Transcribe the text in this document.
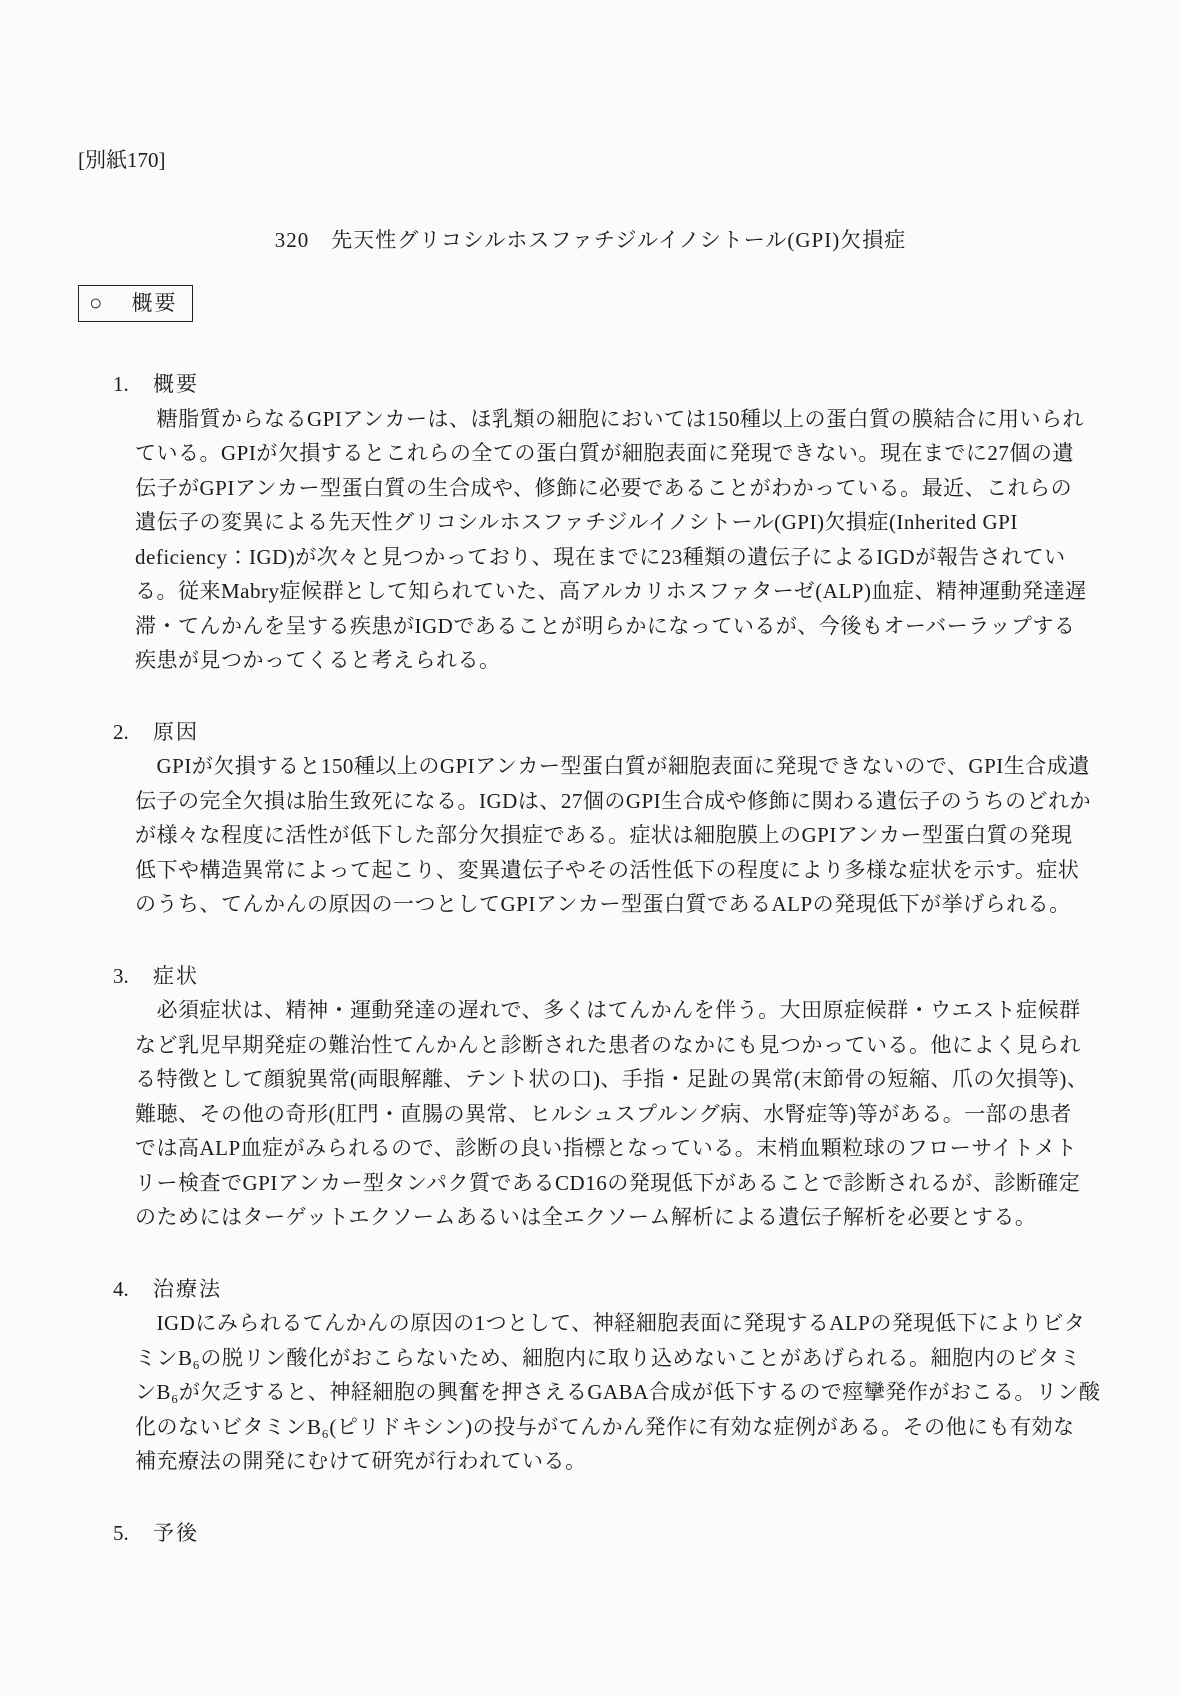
[別紙170]
320　先天性グリコシルホスファチジルイノシトール(GPI)欠損症
○ 概要
1. 概要
　糖脂質からなるGPIアンカーは、ほ乳類の細胞においては150種以上の蛋白質の膜結合に用いられ
ている。GPIが欠損するとこれらの全ての蛋白質が細胞表面に発現できない。現在までに27個の遺
伝子がGPIアンカー型蛋白質の生合成や、修飾に必要であることがわかっている。最近、これらの
遺伝子の変異による先天性グリコシルホスファチジルイノシトール(GPI)欠損症(Inherited GPI
deficiency：IGD)が次々と見つかっており、現在までに23種類の遺伝子によるIGDが報告されてい
る。従来Mabry症候群として知られていた、高アルカリホスファターゼ(ALP)血症、精神運動発達遅
滞・てんかんを呈する疾患がIGDであることが明らかになっているが、今後もオーバーラップする
疾患が見つかってくると考えられる。
2. 原因
　GPIが欠損すると150種以上のGPIアンカー型蛋白質が細胞表面に発現できないので、GPI生合成遺
伝子の完全欠損は胎生致死になる。IGDは、27個のGPI生合成や修飾に関わる遺伝子のうちのどれか
が様々な程度に活性が低下した部分欠損症である。症状は細胞膜上のGPIアンカー型蛋白質の発現
低下や構造異常によって起こり、変異遺伝子やその活性低下の程度により多様な症状を示す。症状
のうち、てんかんの原因の一つとしてGPIアンカー型蛋白質であるALPの発現低下が挙げられる。
3. 症状
　必須症状は、精神・運動発達の遅れで、多くはてんかんを伴う。大田原症候群・ウエスト症候群
など乳児早期発症の難治性てんかんと診断された患者のなかにも見つかっている。他によく見られ
る特徴として顔貌異常(両眼解離、テント状の口)、手指・足趾の異常(末節骨の短縮、爪の欠損等)、
難聴、その他の奇形(肛門・直腸の異常、ヒルシュスプルング病、水腎症等)等がある。一部の患者
では高ALP血症がみられるので、診断の良い指標となっている。末梢血顆粒球のフローサイトメト
リー検査でGPIアンカー型タンパク質であるCD16の発現低下があることで診断されるが、診断確定
のためにはターゲットエクソームあるいは全エクソーム解析による遺伝子解析を必要とする。
4. 治療法
　IGDにみられるてんかんの原因の1つとして、神経細胞表面に発現するALPの発現低下によりビタ
ミンB₆の脱リン酸化がおこらないため、細胞内に取り込めないことがあげられる。細胞内のビタミ
ンB₆が欠乏すると、神経細胞の興奮を押さえるGABA合成が低下するので痙攣発作がおこる。リン酸
化のないビタミンB₆(ピリドキシン)の投与がてんかん発作に有効な症例がある。その他にも有効な
補充療法の開発にむけて研究が行われている。
5. 予後
